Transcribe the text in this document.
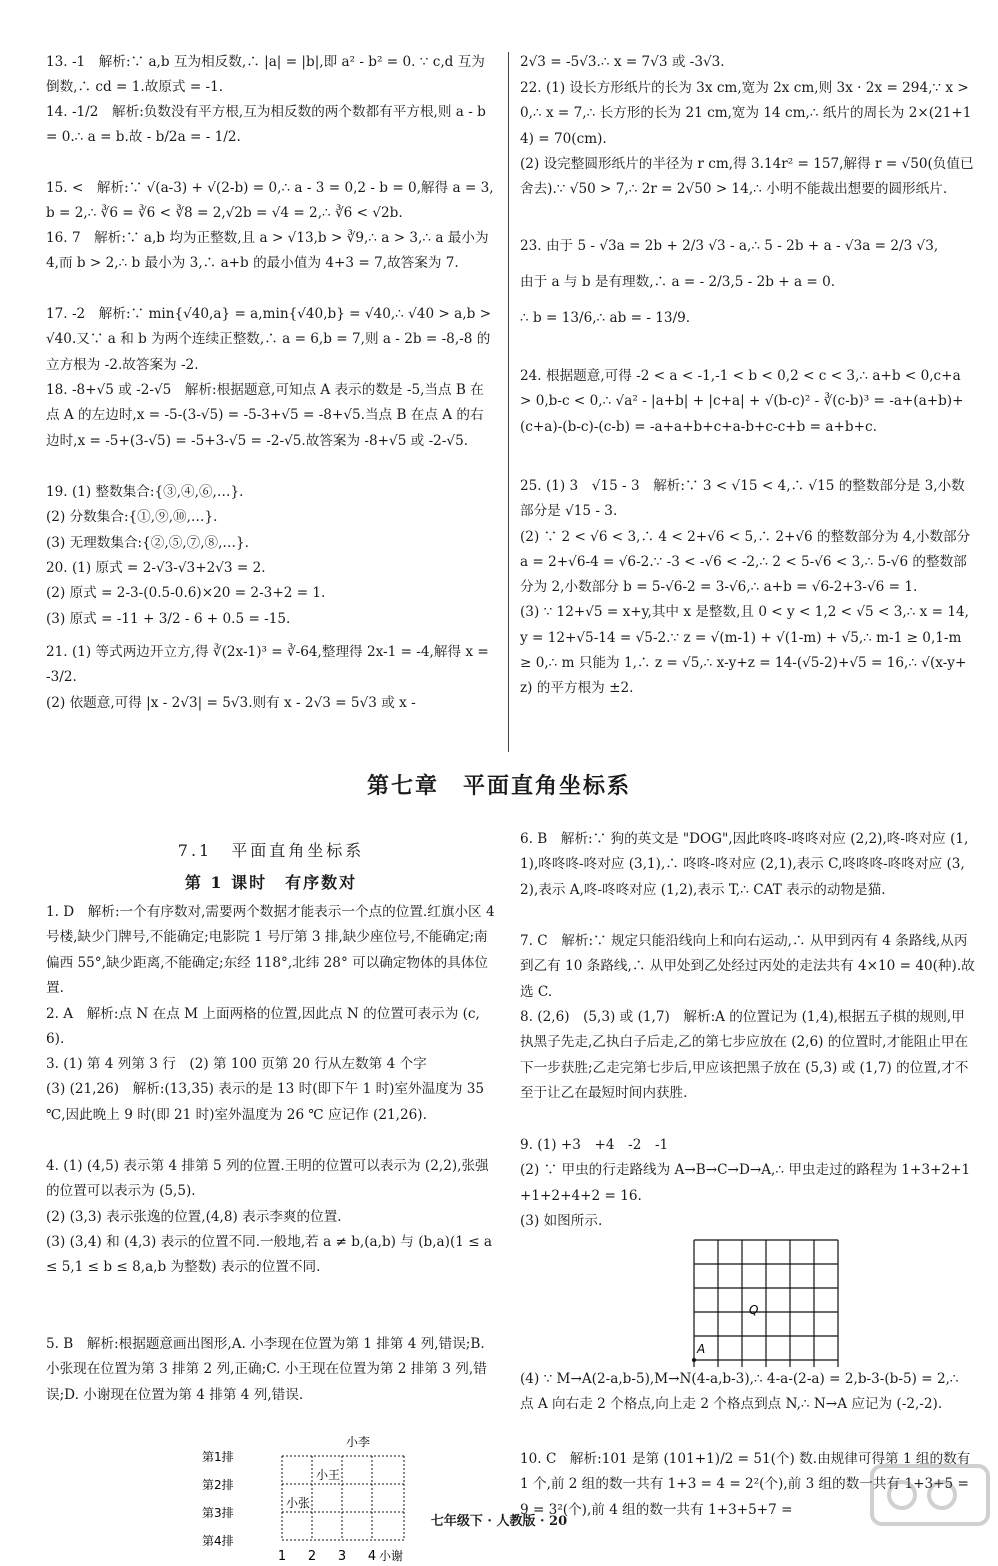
13. -1　解析:∵ a,b 互为相反数,∴ |a| = |b|,即 a² - b² = 0. ∵ c,d 互为倒数,∴ cd = 1.故原式 = -1.
14. -1/2　解析:负数没有平方根,互为相反数的两个数都有平方根,则 a - b = 0.∴ a = b.故 - b/2a = - 1/2.
15. <　解析:∵ √(a-3) + √(2-b) = 0,∴ a - 3 = 0,2 - b = 0,解得 a = 3,b = 2,∴ ∛6 = ∛6 < ∛8 = 2,√2b = √4 = 2,∴ ∛6 < √2b.
16. 7　解析:∵ a,b 均为正整数,且 a > √13,b > ∛9,∴ a > 3,∴ a 最小为 4,而 b > 2,∴ b 最小为 3,∴ a+b 的最小值为 4+3 = 7,故答案为 7.
17. -2　解析:∵ min{√40,a} = a,min{√40,b} = √40,∴ √40 > a,b > √40.又∵ a 和 b 为两个连续正整数,∴ a = 6,b = 7,则 a - 2b = -8,-8 的立方根为 -2.故答案为 -2.
18. -8+√5 或 -2-√5　解析:根据题意,可知点 A 表示的数是 -5,当点 B 在点 A 的左边时,x = -5-(3-√5) = -5-3+√5 = -8+√5.当点 B 在点 A 的右边时,x = -5+(3-√5) = -5+3-√5 = -2-√5.故答案为 -8+√5 或 -2-√5.
19. (1) 整数集合:{③,④,⑥,…}.
(2) 分数集合:{①,⑨,⑩,…}.
(3) 无理数集合:{②,⑤,⑦,⑧,…}.
20. (1) 原式 = 2-√3-√3+2√3 = 2.
(2) 原式 = 2-3-(0.5-0.6)×20 = 2-3+2 = 1.
(3) 原式 = -11 + 3/2 - 6 + 0.5 = -15.
21. (1) 等式两边开立方,得 ∛(2x-1)³ = ∛-64,整理得 2x-1 = -4,解得 x = -3/2.
(2) 依题意,可得 |x - 2√3| = 5√3.则有 x - 2√3 = 5√3 或 x -
2√3 = -5√3.∴ x = 7√3 或 -3√3.
22. (1) 设长方形纸片的长为 3x cm,宽为 2x cm,则 3x · 2x = 294,∵ x > 0,∴ x = 7,∴ 长方形的长为 21 cm,宽为 14 cm,∴ 纸片的周长为 2×(21+14) = 70(cm).
(2) 设完整圆形纸片的半径为 r cm,得 3.14r² = 157,解得 r = √50(负值已舍去).∵ √50 > 7,∴ 2r = 2√50 > 14,∴ 小明不能裁出想要的圆形纸片.
23. 由于 5 - √3a = 2b + 2/3 √3 - a,∴ 5 - 2b + a - √3a = 2/3 √3,
由于 a 与 b 是有理数,∴ a = - 2/3,5 - 2b + a = 0.
∴ b = 13/6,∴ ab = - 13/9.
24. 根据题意,可得 -2 < a < -1,-1 < b < 0,2 < c < 3,∴ a+b < 0,c+a > 0,b-c < 0,∴ √a² - |a+b| + |c+a| + √(b-c)² - ∛(c-b)³ = -a+(a+b)+(c+a)-(b-c)-(c-b) = -a+a+b+c+a-b+c-c+b = a+b+c.
25. (1) 3　√15 - 3　解析:∵ 3 < √15 < 4,∴ √15 的整数部分是 3,小数部分是 √15 - 3.
(2) ∵ 2 < √6 < 3,∴ 4 < 2+√6 < 5,∴ 2+√6 的整数部分为 4,小数部分 a = 2+√6-4 = √6-2.∵ -3 < -√6 < -2,∴ 2 < 5-√6 < 3,∴ 5-√6 的整数部分为 2,小数部分 b = 5-√6-2 = 3-√6,∴ a+b = √6-2+3-√6 = 1.
(3) ∵ 12+√5 = x+y,其中 x 是整数,且 0 < y < 1,2 < √5 < 3,∴ x = 14,y = 12+√5-14 = √5-2.∵ z = √(m-1) + √(1-m) + √5,∴ m-1 ≥ 0,1-m ≥ 0,∴ m 只能为 1,∴ z = √5,∴ x-y+z = 14-(√5-2)+√5 = 16,∴ √(x-y+z) 的平方根为 ±2.
第七章　平面直角坐标系
7.1　平面直角坐标系
第 1 课时　有序数对
1. D　解析:一个有序数对,需要两个数据才能表示一个点的位置.红旗小区 4 号楼,缺少门牌号,不能确定;电影院 1 号厅第 3 排,缺少座位号,不能确定;南偏西 55°,缺少距离,不能确定;东经 118°,北纬 28° 可以确定物体的具体位置.
2. A　解析:点 N 在点 M 上面两格的位置,因此点 N 的位置可表示为 (c,6).
3. (1) 第 4 列第 3 行　(2) 第 100 页第 20 行从左数第 4 个字
(3) (21,26)　解析:(13,35) 表示的是 13 时(即下午 1 时)室外温度为 35 ℃,因此晚上 9 时(即 21 时)室外温度为 26 ℃ 应记作 (21,26).
4. (1) (4,5) 表示第 4 排第 5 列的位置.王明的位置可以表示为 (2,2),张强的位置可以表示为 (5,5).
(2) (3,3) 表示张逸的位置,(4,8) 表示李爽的位置.
(3) (3,4) 和 (4,3) 表示的位置不同.一般地,若 a ≠ b,(a,b) 与 (b,a)(1 ≤ a ≤ 5,1 ≤ b ≤ 8,a,b 为整数) 表示的位置不同.
5. B　解析:根据题意画出图形,A. 小李现在位置为第 1 排第 4 列,错误;B. 小张现在位置为第 3 排第 2 列,正确;C. 小王现在位置为第 2 排第 3 列,错误;D. 小谢现在位置为第 4 排第 4 列,错误.
小李
第1排
第2排
第3排
第4排
小王
小张
1 2 3 4 小谢
6. B　解析:∵ 狗的英文是 "DOG",因此咚咚-咚咚对应 (2,2),咚-咚对应 (1,1),咚咚咚-咚对应 (3,1),∴ 咚咚-咚对应 (2,1),表示 C,咚咚咚-咚咚对应 (3,2),表示 A,咚-咚咚对应 (1,2),表示 T,∴ CAT 表示的动物是猫.
7. C　解析:∵ 规定只能沿线向上和向右运动,∴ 从甲到丙有 4 条路线,从丙到乙有 10 条路线,∴ 从甲处到乙处经过丙处的走法共有 4×10 = 40(种).故选 C.
8. (2,6)　(5,3) 或 (1,7)　解析:A 的位置记为 (1,4),根据五子棋的规则,甲执黑子先走,乙执白子后走,乙的第七步应放在 (2,6) 的位置时,才能阻止甲在下一步获胜;乙走完第七步后,甲应该把黑子放在 (5,3) 或 (1,7) 的位置,才不至于让乙在最短时间内获胜.
9. (1) +3　+4　-2　-1
(2) ∵ 甲虫的行走路线为 A→B→C→D→A,∴ 甲虫走过的路程为 1+3+2+1+1+2+4+2 = 16.
(3) 如图所示.
Q
A
(4) ∵ M→A(2-a,b-5),M→N(4-a,b-3),∴ 4-a-(2-a) = 2,b-3-(b-5) = 2,∴ 点 A 向右走 2 个格点,向上走 2 个格点到点 N,∴ N→A 应记为 (-2,-2).
10. C　解析:101 是第 (101+1)/2 = 51(个) 数.由规律可得第 1 组的数有 1 个,前 2 组的数一共有 1+3 = 4 = 2²(个),前 3 组的数一共有 1+3+5 = 9 = 3²(个),前 4 组的数一共有 1+3+5+7 =
七年级下 · 人教版 · 20
